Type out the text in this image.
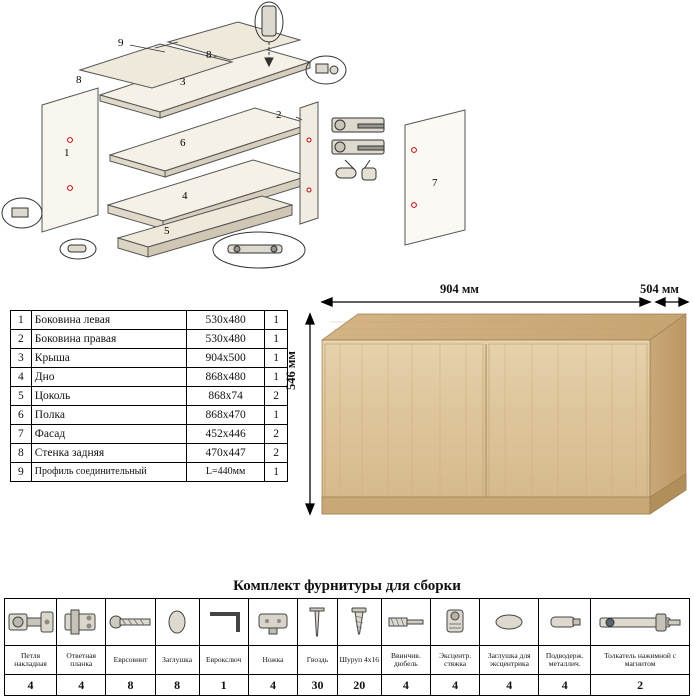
9
8
8
3
2
1
6
4
5
7
1	Боковина левая	530х480	1
2	Боковина правая	530х480	1
3	Крыша	904х500	1
4	Дно	868х480	1
5	Цоколь	868х74	2
6	Полка	868х470	1
7	Фасад	452х446	2
8	Стенка задняя	470х447	2
9	Профиль соединительный	L=440мм	1
904 мм	504 мм
546 мм
Комплект фурнитуры для сборки

Петля накладная	Ответная планка	Еврсовинт	Заглушка	Еврокслюч	Ножка	Гвоздь	Шуруп 4х16	Ввинчив. дюбель	Эксцентр. стяжка	Заглушка для эксцентрика	Подводерж. металлич.	Толкатель нажимной с магнитом
4	4	8	8	1	4	30	20	4	4	4	4	2
